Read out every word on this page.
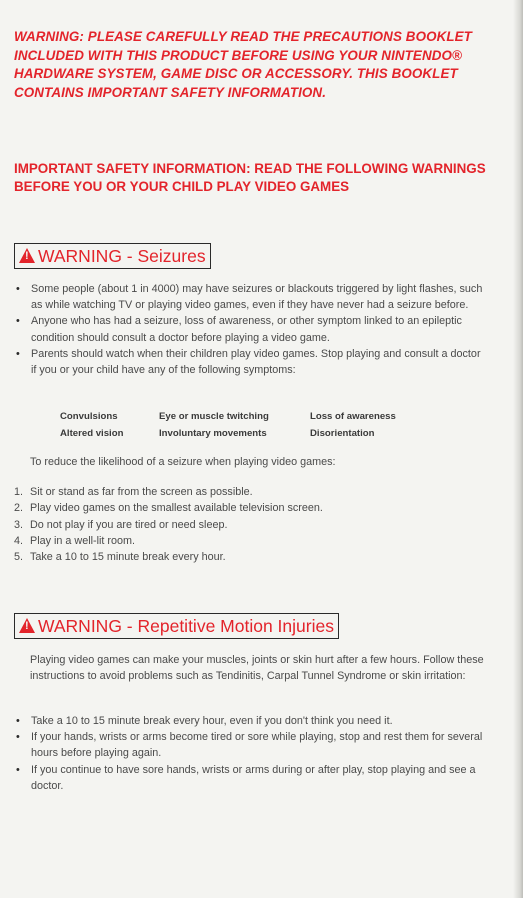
WARNING: PLEASE CAREFULLY READ THE PRECAUTIONS BOOKLET INCLUDED WITH THIS PRODUCT BEFORE USING YOUR NINTENDO® HARDWARE SYSTEM, GAME DISC OR ACCESSORY. THIS BOOKLET CONTAINS IMPORTANT SAFETY INFORMATION.
IMPORTANT SAFETY INFORMATION: READ THE FOLLOWING WARNINGS BEFORE YOU OR YOUR CHILD PLAY VIDEO GAMES
!
WARNING - Seizures
• Some people (about 1 in 4000) may have seizures or blackouts triggered by light flashes, such as while watching TV or playing video games, even if they have never had a seizure before.
• Anyone who has had a seizure, loss of awareness, or other symptom linked to an epileptic condition should consult a doctor before playing a video game.
• Parents should watch when their children play video games. Stop playing and consult a doctor if you or your child have any of the following symptoms:
Convulsions	Eye or muscle twitching	Loss of awareness
Altered vision	Involuntary movements	Disorientation
To reduce the likelihood of a seizure when playing video games:
1. Sit or stand as far from the screen as possible.
2. Play video games on the smallest available television screen.
3. Do not play if you are tired or need sleep.
4. Play in a well-lit room.
5. Take a 10 to 15 minute break every hour.
!
WARNING - Repetitive Motion Injuries
Playing video games can make your muscles, joints or skin hurt after a few hours. Follow these instructions to avoid problems such as Tendinitis, Carpal Tunnel Syndrome or skin irritation:
• Take a 10 to 15 minute break every hour, even if you don't think you need it.
• If your hands, wrists or arms become tired or sore while playing, stop and rest them for several hours before playing again.
• If you continue to have sore hands, wrists or arms during or after play, stop playing and see a doctor.
